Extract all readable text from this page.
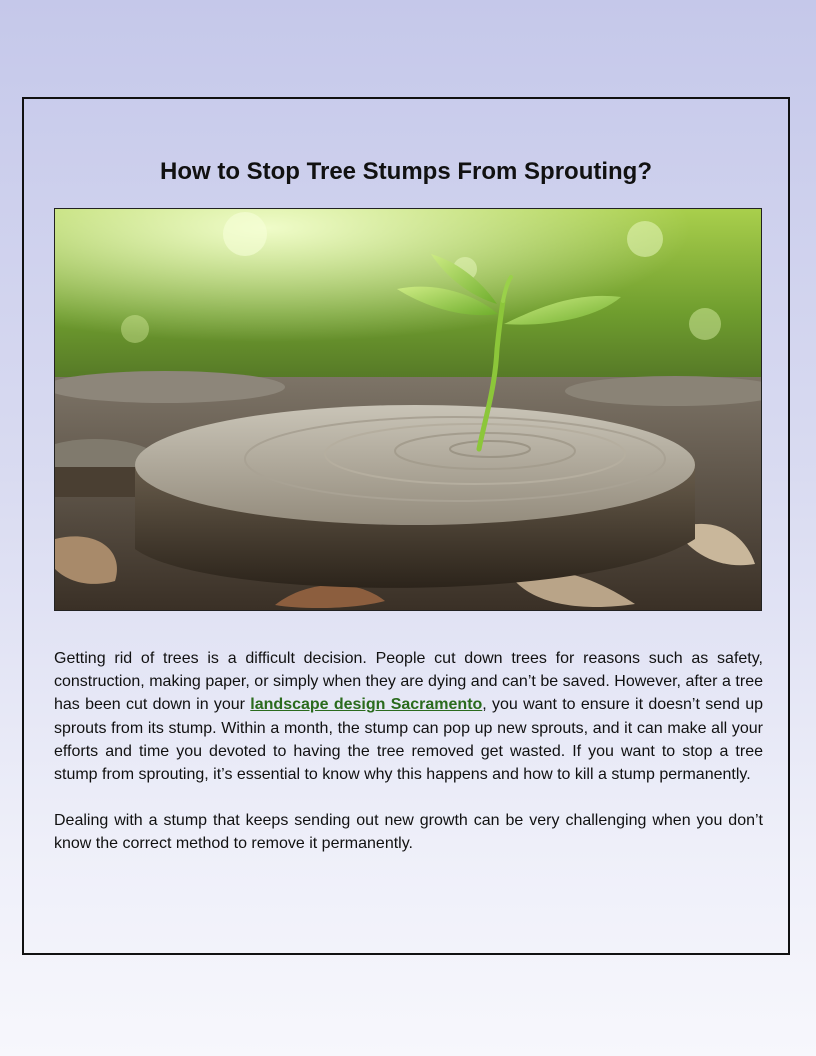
How to Stop Tree Stumps From Sprouting?

Getting rid of trees is a difficult decision. People cut down trees for reasons such as safety, construction, making paper, or simply when they are dying and can’t be saved. However, after a tree has been cut down in your landscape design Sacramento, you want to ensure it doesn’t send up sprouts from its stump. Within a month, the stump can pop up new sprouts, and it can make all your efforts and time you devoted to having the tree removed get wasted. If you want to stop a tree stump from sprouting, it’s essential to know why this happens and how to kill a stump permanently.

Dealing with a stump that keeps sending out new growth can be very challenging when you don’t know the correct method to remove it permanently.
